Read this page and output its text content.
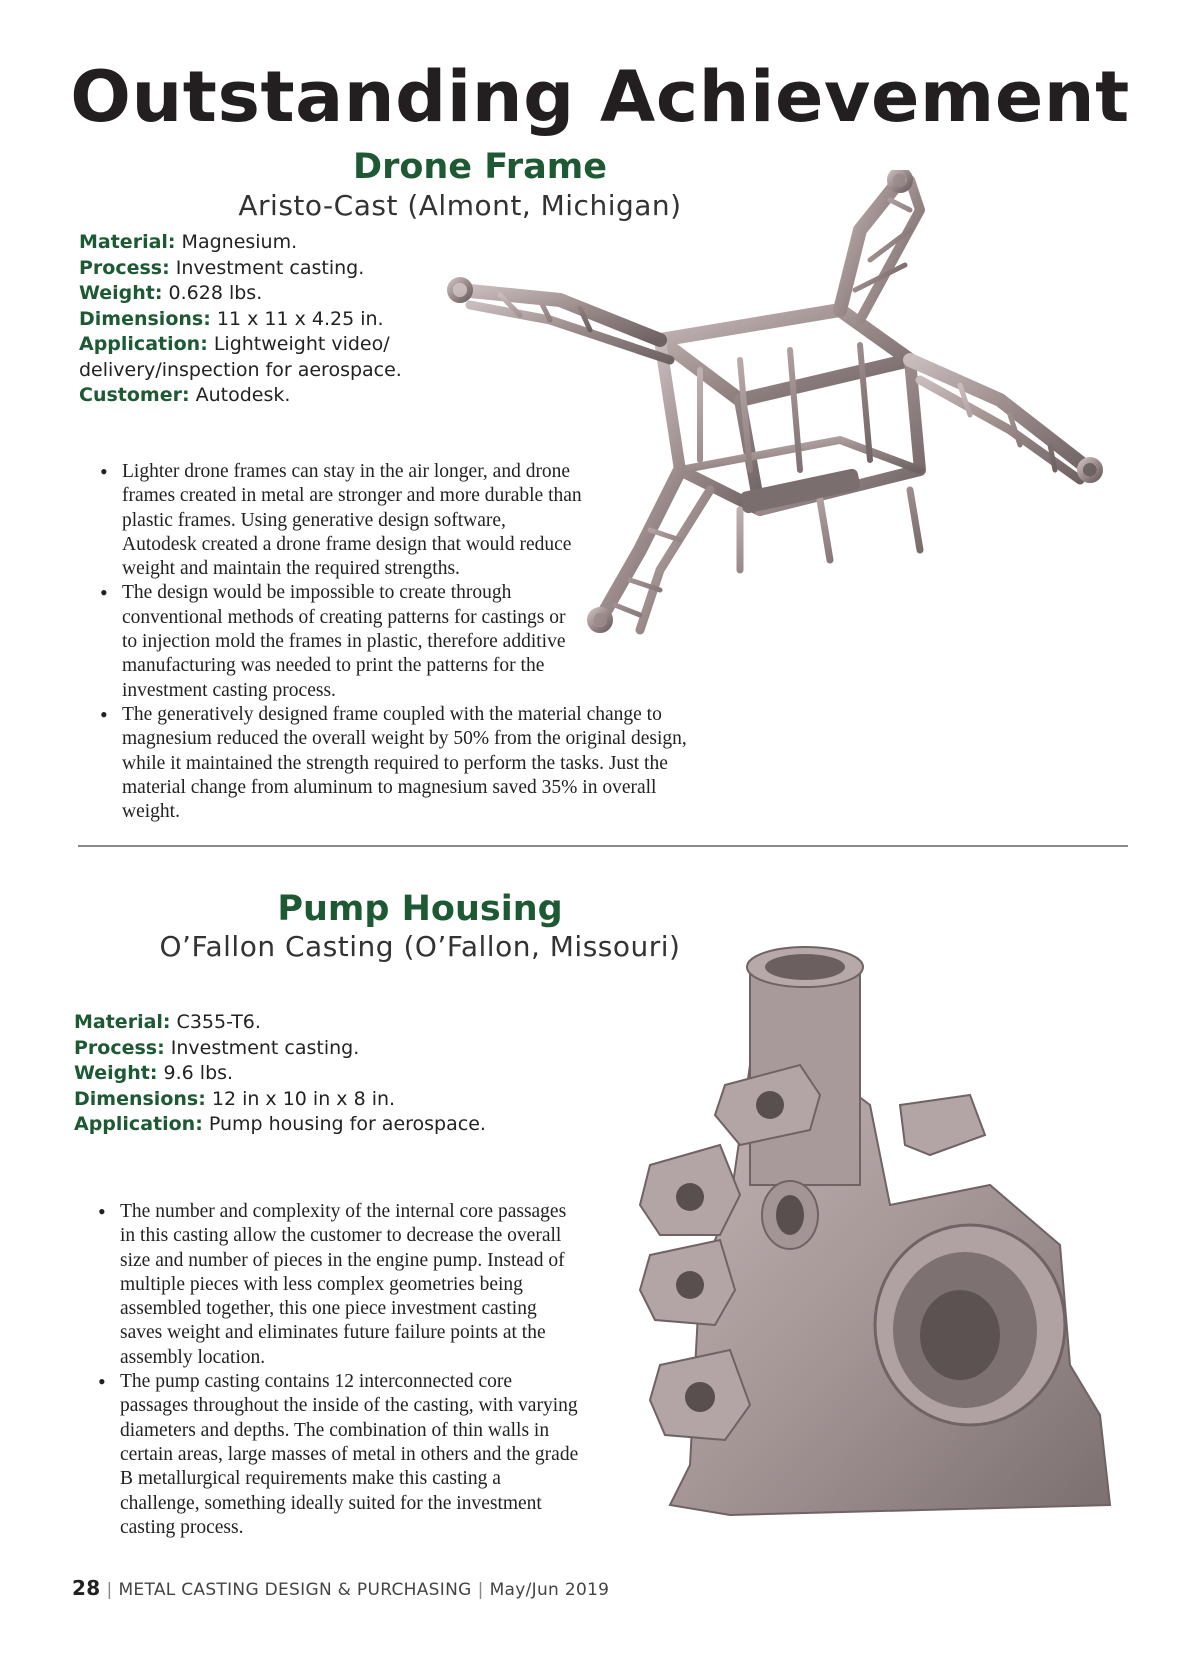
Outstanding Achievement
Drone Frame
Aristo-Cast (Almont, Michigan)
Material: Magnesium.
Process: Investment casting.
Weight: 0.628 lbs.
Dimensions: 11 x 11 x 4.25 in.
Application: Lightweight video/
delivery/inspection for aerospace.
Customer: Autodesk.
• Lighter drone frames can stay in the air longer, and drone frames created in metal are stronger and more durable than plastic frames. Using generative design software, Autodesk created a drone frame design that would reduce weight and maintain the required strengths.
• The design would be impossible to create through conventional methods of creating patterns for castings or to injection mold the frames in plastic, therefore additive manufacturing was needed to print the patterns for the investment casting process.
• The generatively designed frame coupled with the material change to magnesium reduced the overall weight by 50% from the original design, while it maintained the strength required to perform the tasks. Just the material change from aluminum to magnesium saved 35% in overall weight.
Pump Housing
O’Fallon Casting (O’Fallon, Missouri)
Material: C355-T6.
Process: Investment casting.
Weight: 9.6 lbs.
Dimensions: 12 in x 10 in x 8 in.
Application: Pump housing for aerospace.
• The number and complexity of the internal core passages in this casting allow the customer to decrease the overall size and number of pieces in the engine pump. Instead of multiple pieces with less complex geometries being assembled together, this one piece investment casting saves weight and eliminates future failure points at the assembly location.
• The pump casting contains 12 interconnected core passages throughout the inside of the casting, with varying diameters and depths. The combination of thin walls in certain areas, large masses of metal in others and the grade B metallurgical requirements make this casting a challenge, something ideally suited for the investment casting process.
28 | METAL CASTING DESIGN & PURCHASING | May/Jun 2019
